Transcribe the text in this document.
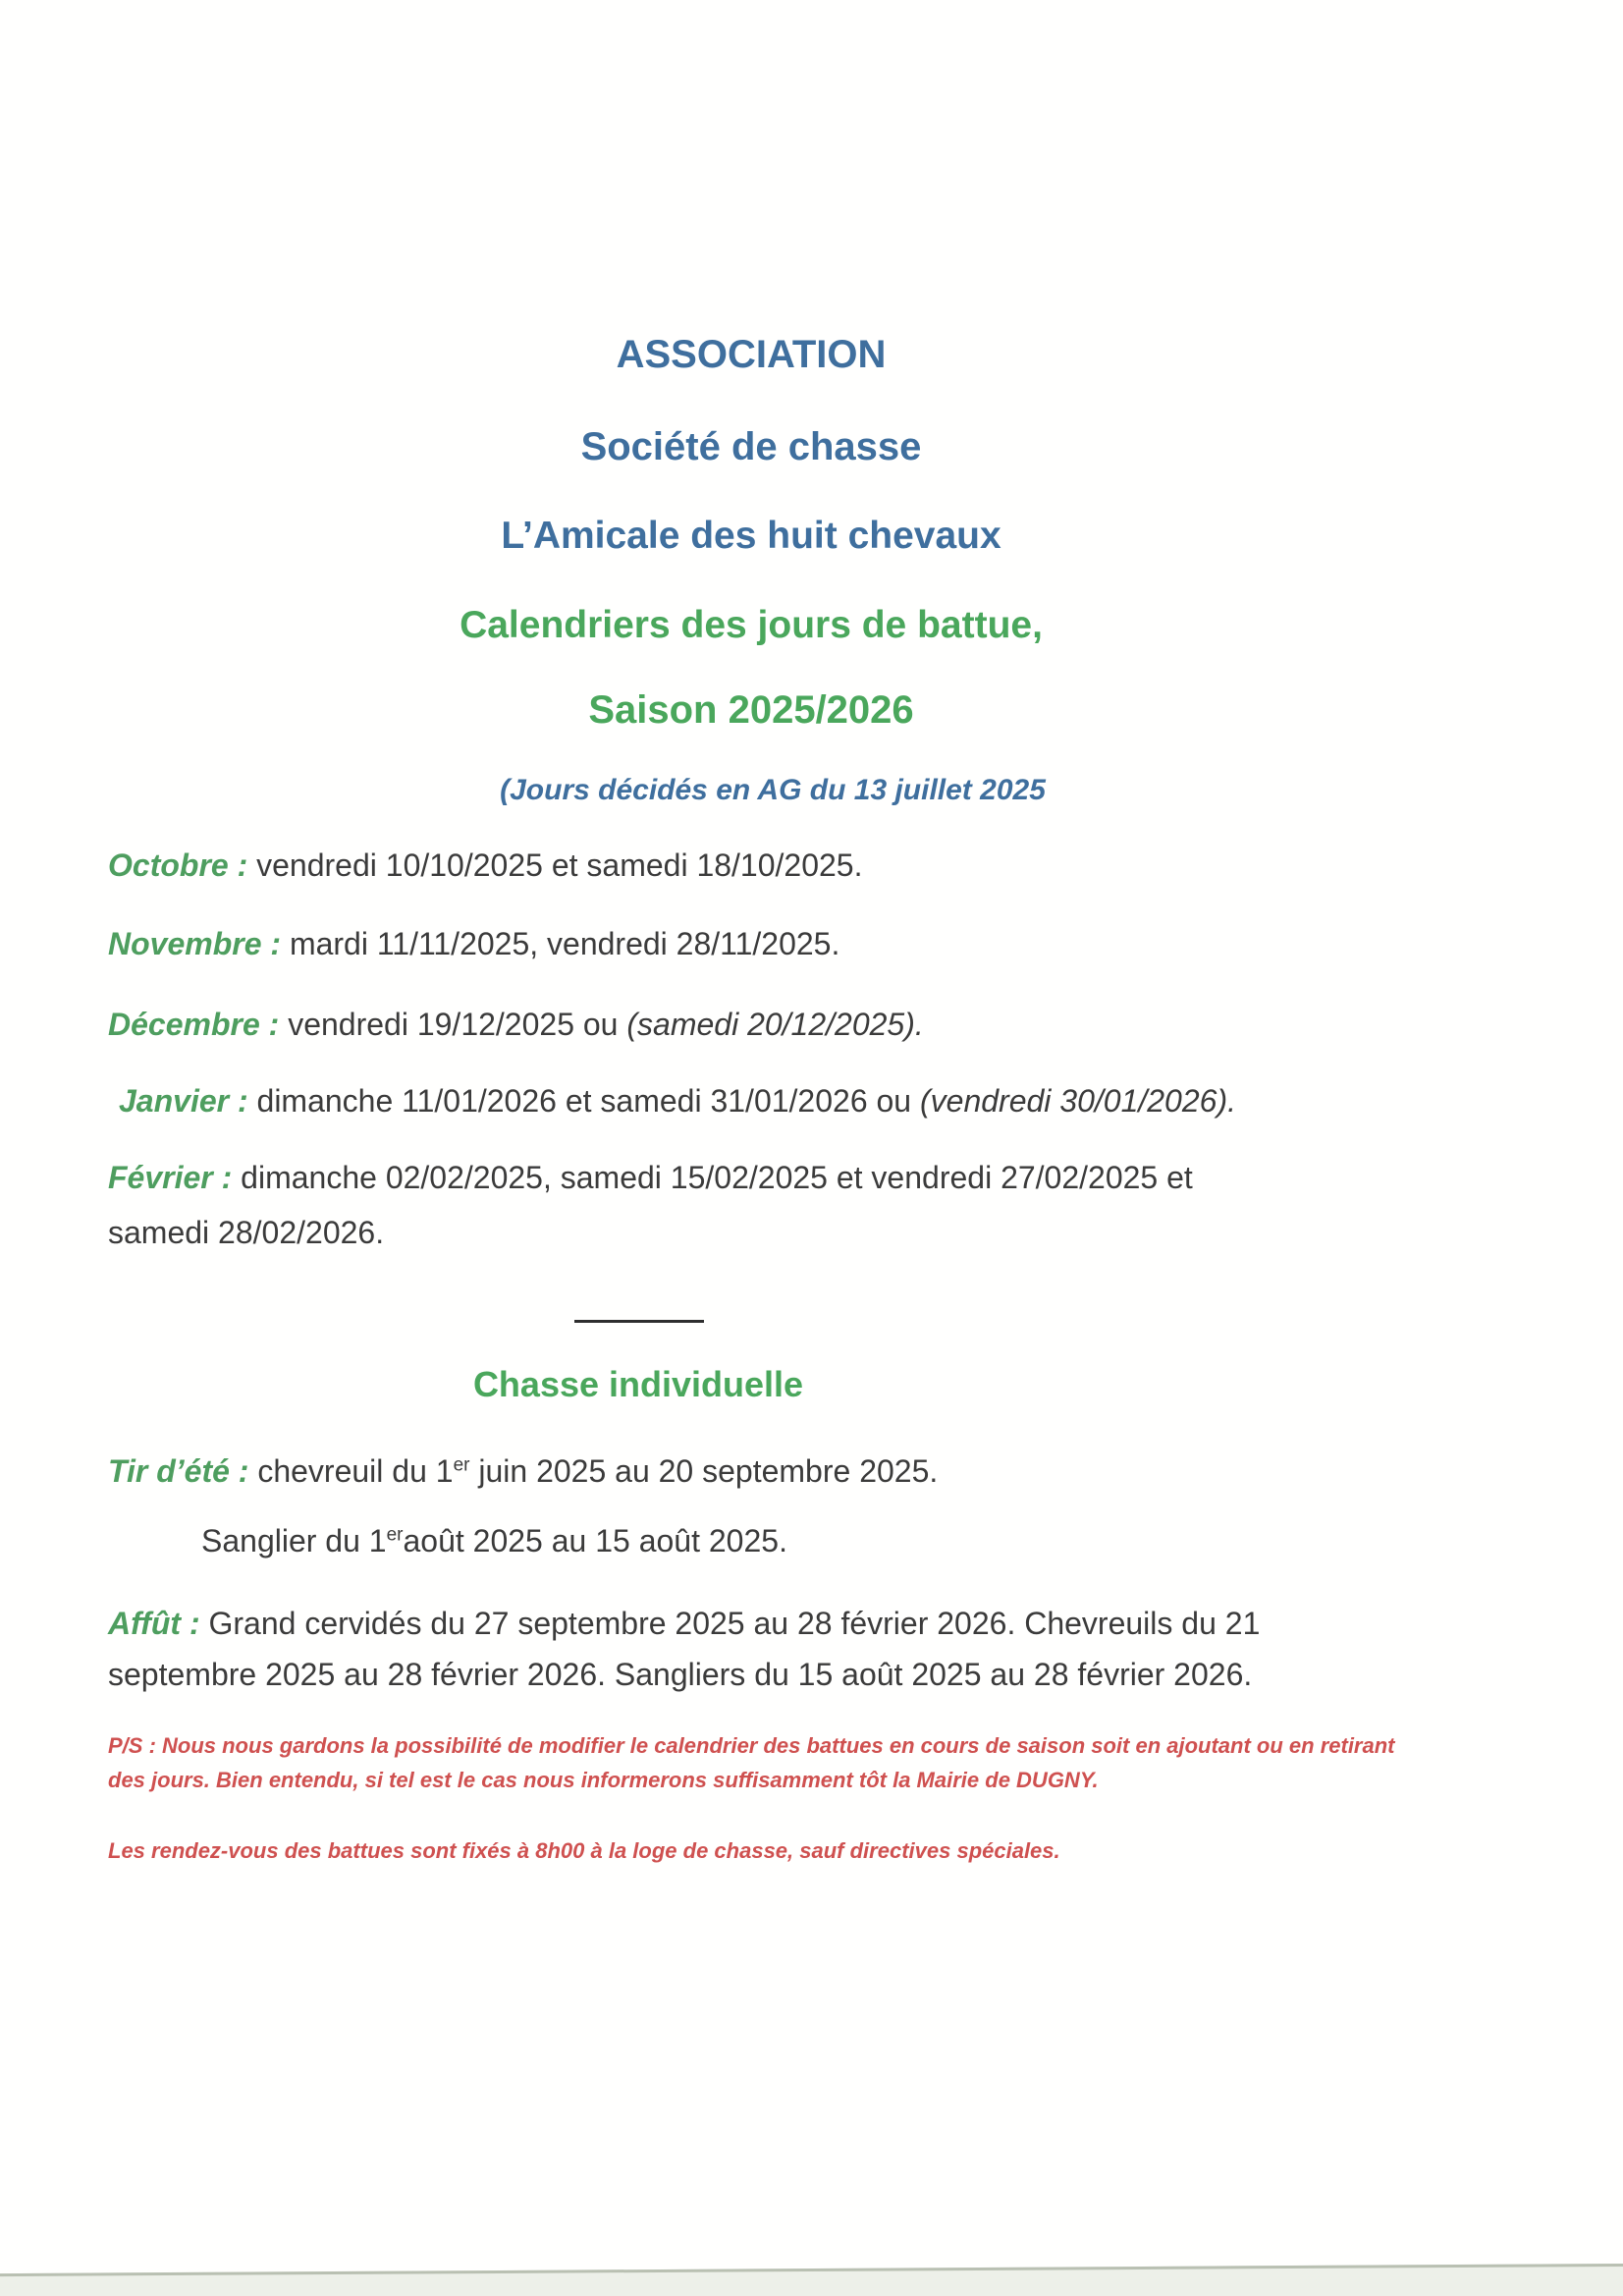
ASSOCIATION
Société de chasse
L’Amicale des huit chevaux
Calendriers des jours de battue,
Saison 2025/2026
(Jours décidés en AG du 13 juillet 2025
Octobre : vendredi 10/10/2025 et samedi 18/10/2025.
Novembre : mardi 11/11/2025, vendredi 28/11/2025.
Décembre : vendredi 19/12/2025 ou (samedi 20/12/2025).
Janvier : dimanche 11/01/2026 et samedi 31/01/2026 ou (vendredi 30/01/2026).
Février : dimanche 02/02/2025, samedi 15/02/2025 et vendredi 27/02/2025 et
samedi 28/02/2026.
Chasse individuelle
Tir d’été : chevreuil du 1er juin 2025 au 20 septembre 2025.
Sanglier du 1eraoût 2025 au 15 août 2025.
Affût : Grand cervidés du 27 septembre 2025 au 28 février 2026. Chevreuils du 21
septembre 2025 au 28 février 2026. Sangliers du 15 août 2025 au 28 février 2026.
P/S : Nous nous gardons la possibilité de modifier le calendrier des battues en cours de saison soit en ajoutant ou en retirant
des jours. Bien entendu, si tel est le cas nous informerons suffisamment tôt la Mairie de DUGNY.
Les rendez-vous des battues sont fixés à 8h00 à la loge de chasse, sauf directives spéciales.
